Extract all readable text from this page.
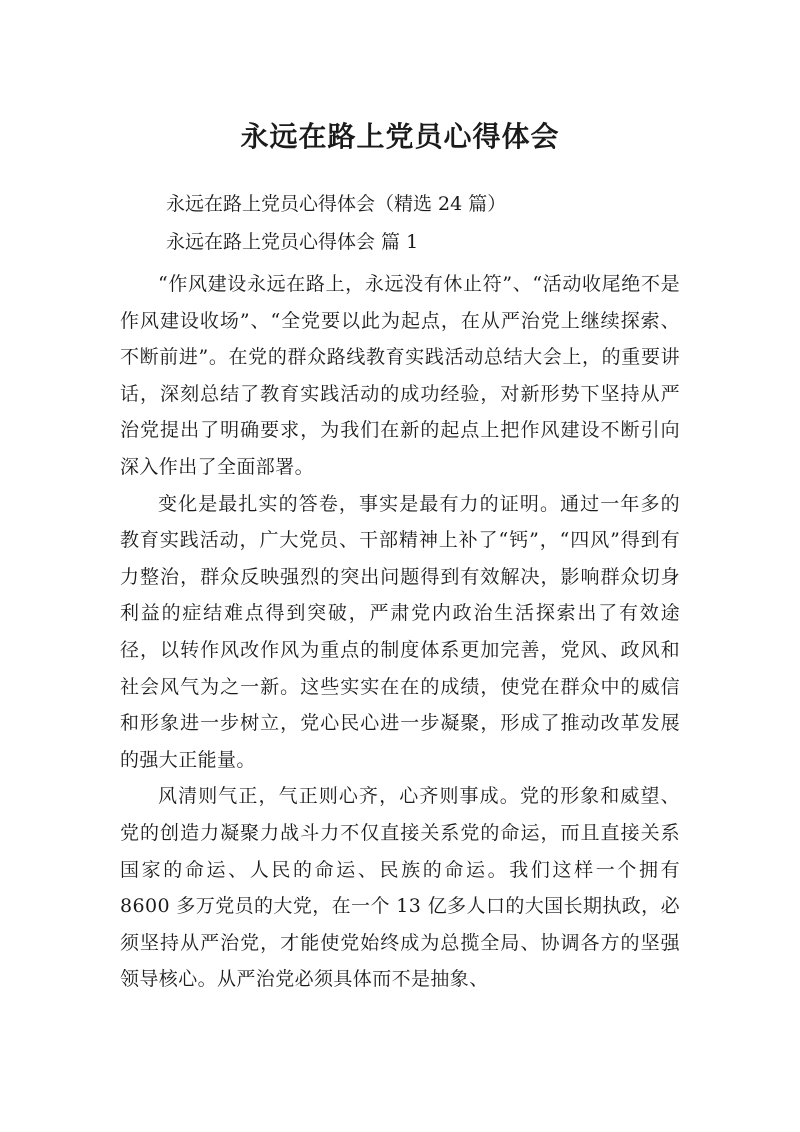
永远在路上党员心得体会
永远在路上党员心得体会（精选 24 篇）
永远在路上党员心得体会 篇 1

“作风建设永远在路上，永远没有休止符”、“活动收尾绝不是作风建设收场”、“全党要以此为起点，在从严治党上继续探索、不断前进”。在党的群众路线教育实践活动总结大会上，的重要讲话，深刻总结了教育实践活动的成功经验，对新形势下坚持从严治党提出了明确要求，为我们在新的起点上把作风建设不断引向深入作出了全面部署。

变化是最扎实的答卷，事实是最有力的证明。通过一年多的教育实践活动，广大党员、干部精神上补了“钙”，“四风”得到有力整治，群众反映强烈的突出问题得到有效解决，影响群众切身利益的症结难点得到突破，严肃党内政治生活探索出了有效途径，以转作风改作风为重点的制度体系更加完善，党风、政风和社会风气为之一新。这些实实在在的成绩，使党在群众中的威信和形象进一步树立，党心民心进一步凝聚，形成了推动改革发展的强大正能量。

风清则气正，气正则心齐，心齐则事成。党的形象和威望、党的创造力凝聚力战斗力不仅直接关系党的命运，而且直接关系国家的命运、人民的命运、民族的命运。我们这样一个拥有 8600 多万党员的大党，在一个 13 亿多人口的大国长期执政，必须坚持从严治党，才能使党始终成为总揽全局、协调各方的坚强领导核心。从严治党必须具体而不是抽象、
